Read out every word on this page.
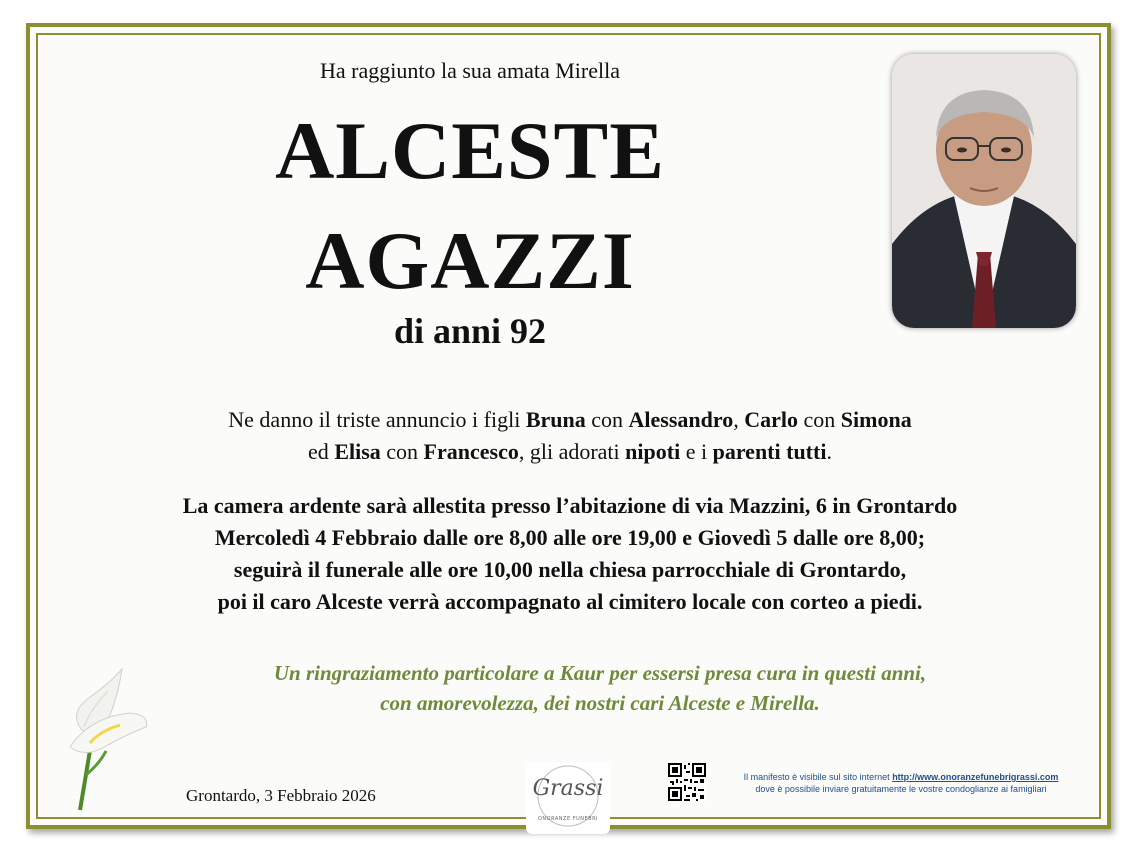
Ha raggiunto la sua amata Mirella
ALCESTE
AGAZZI
di anni 92
Ne danno il triste annuncio i figli Bruna con Alessandro, Carlo con Simona
ed Elisa con Francesco, gli adorati nipoti e i parenti tutti.
La camera ardente sarà allestita presso l’abitazione di via Mazzini, 6 in Grontardo
Mercoledì 4 Febbraio dalle ore 8,00 alle ore 19,00 e Giovedì 5 dalle ore 8,00;
seguirà il funerale alle ore 10,00 nella chiesa parrocchiale di Grontardo,
poi il caro Alceste verrà accompagnato al cimitero locale con corteo a piedi.
Un ringraziamento particolare a Kaur per essersi presa cura in questi anni,
con amorevolezza, dei nostri cari Alceste e Mirella.
Grontardo, 3 Febbraio 2026	Grassi
ONORANZE FUNEBRI
Il manifesto è visibile sul sito internet http://www.onoranzefunebrigrassi.com
dove è possibile inviare gratuitamente le vostre condoglianze ai famigliari
